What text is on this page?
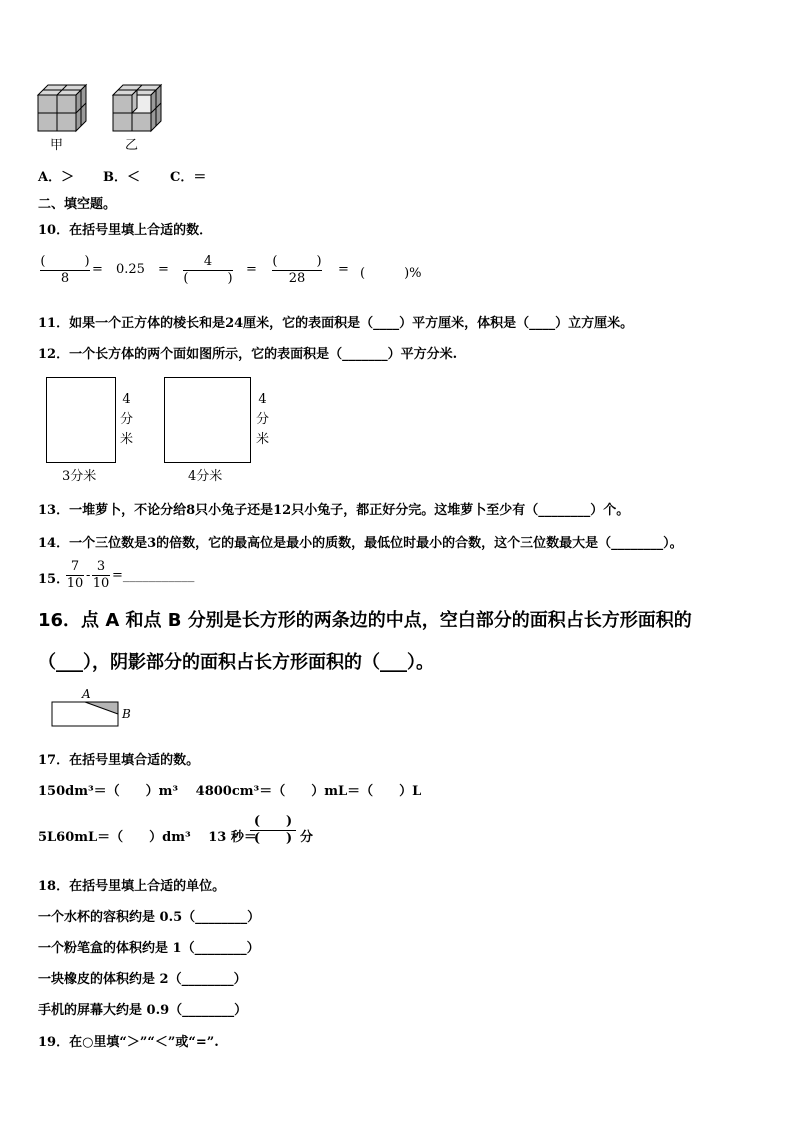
甲	乙
A．＞ B．＜ C．＝
二、填空题。
10．在括号里填上合适的数．
(　　　)
8
= 0.25 =
4
(　　　)
=
(　　　)
28
= (　　　)%
11．如果一个正方体的棱长和是24厘米，它的表面积是（____）平方厘米，体积是（____）立方厘米。
12．一个长方体的两个面如图所示，它的表面积是（_______）平方分米.
4
分
米
3分米
4
分
米
4分米
13．一堆萝卜，不论分给8只小兔子还是12只小兔子，都正好分完。这堆萝卜至少有（________）个。
14．一个三位数是3的倍数，它的最高位是最小的质数，最低位时最小的合数，这个三位数最大是（________）。
15．
$\frac{7}{10} - \frac{3}{10}$ =___________
16．点 A 和点 B 分别是长方形的两条边的中点，空白部分的面积占长方形面积的
（___），阴影部分的面积占长方形面积的（___）。
A
B
17．在括号里填合适的数。
150dm³＝（　　）m³　 4800cm³＝（　　）mL＝（　　）L
5L60mL＝（　　）dm³　 13 秒＝
(　　)
(　　) 分
18．在括号里填上合适的单位。
一个水杯的容积约是 0.5（________）
一个粉笔盒的体积约是 1（________）
一块橡皮的体积约是 2（________）
手机的屏幕大约是 0.9（________）
19．在○里填“＞”“＜”或“=”.
